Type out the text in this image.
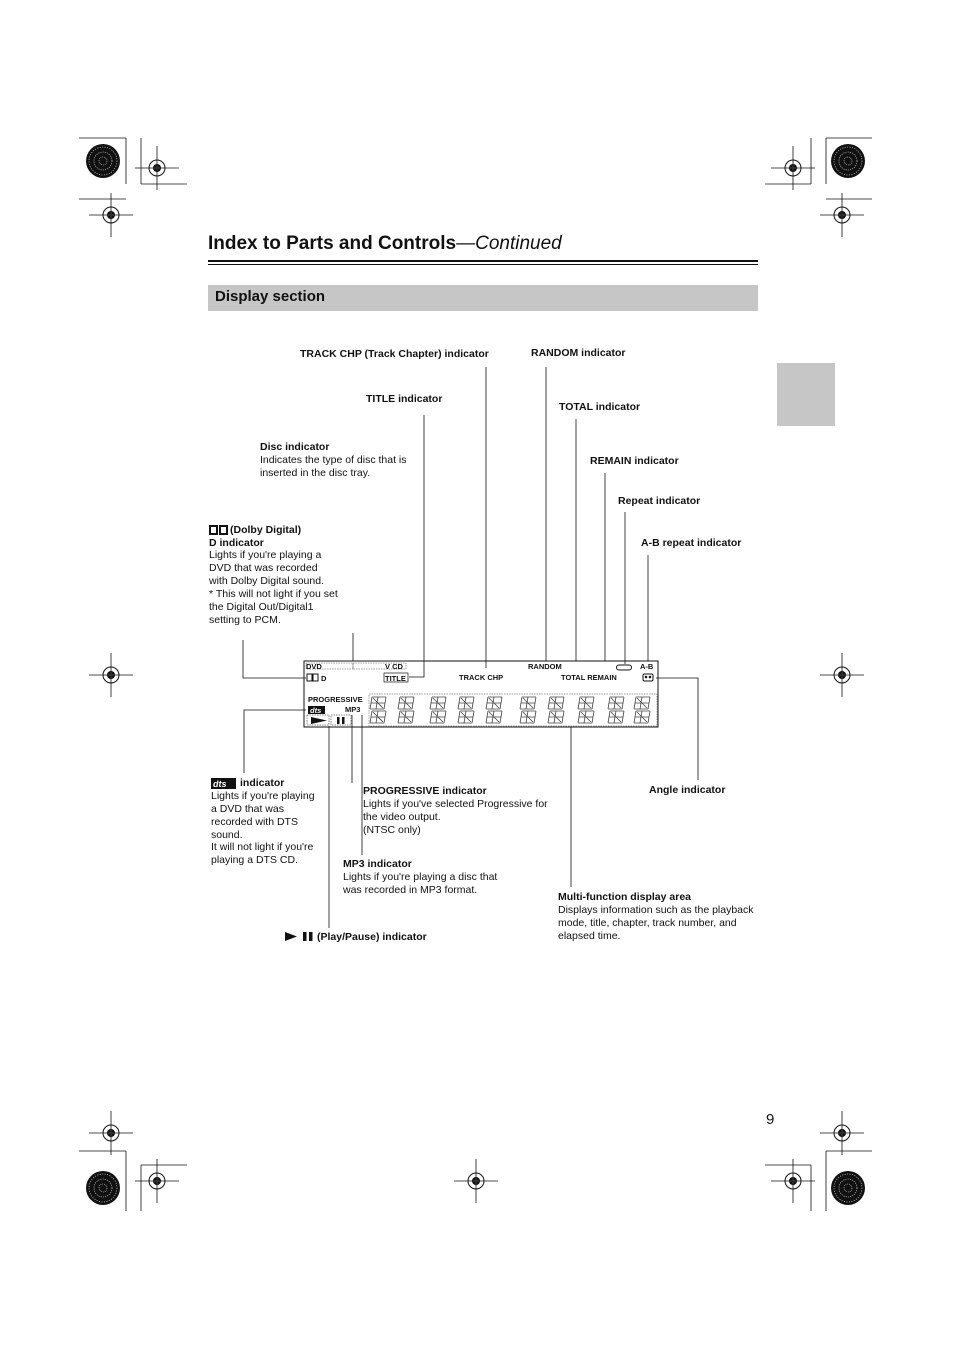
Index to Parts and Controls—Continued
Display section
DVD	V CD
D	TITLE	TRACK CHP
RANDOM
TOTAL REMAIN
A-B
PROGRESSIVE
MP3
dts
dts
TRACK CHP (Track Chapter) indicator	RANDOM indicator
TITLE indicator
TOTAL indicator
Disc indicator
Indicates the type of disc that is inserted in the disc tray.
REMAIN indicator
Repeat indicator
A-B repeat indicator
(Dolby Digital)
D indicator
Lights if you're playing a DVD that was recorded with Dolby Digital sound.
* This will not light if you set the Digital Out/Digital1 setting to PCM.
indicator
Lights if you're playing a DVD that was recorded with DTS sound.
It will not light if you're playing a DTS CD.
PROGRESSIVE indicator
Lights if you've selected Progressive for the video output.
(NTSC only)
Angle indicator
MP3 indicator
Lights if you're playing a disc that was recorded in MP3 format.
Multi-function display area
Displays information such as the playback mode, title, chapter, track number, and elapsed time.
(Play/Pause) indicator
9
